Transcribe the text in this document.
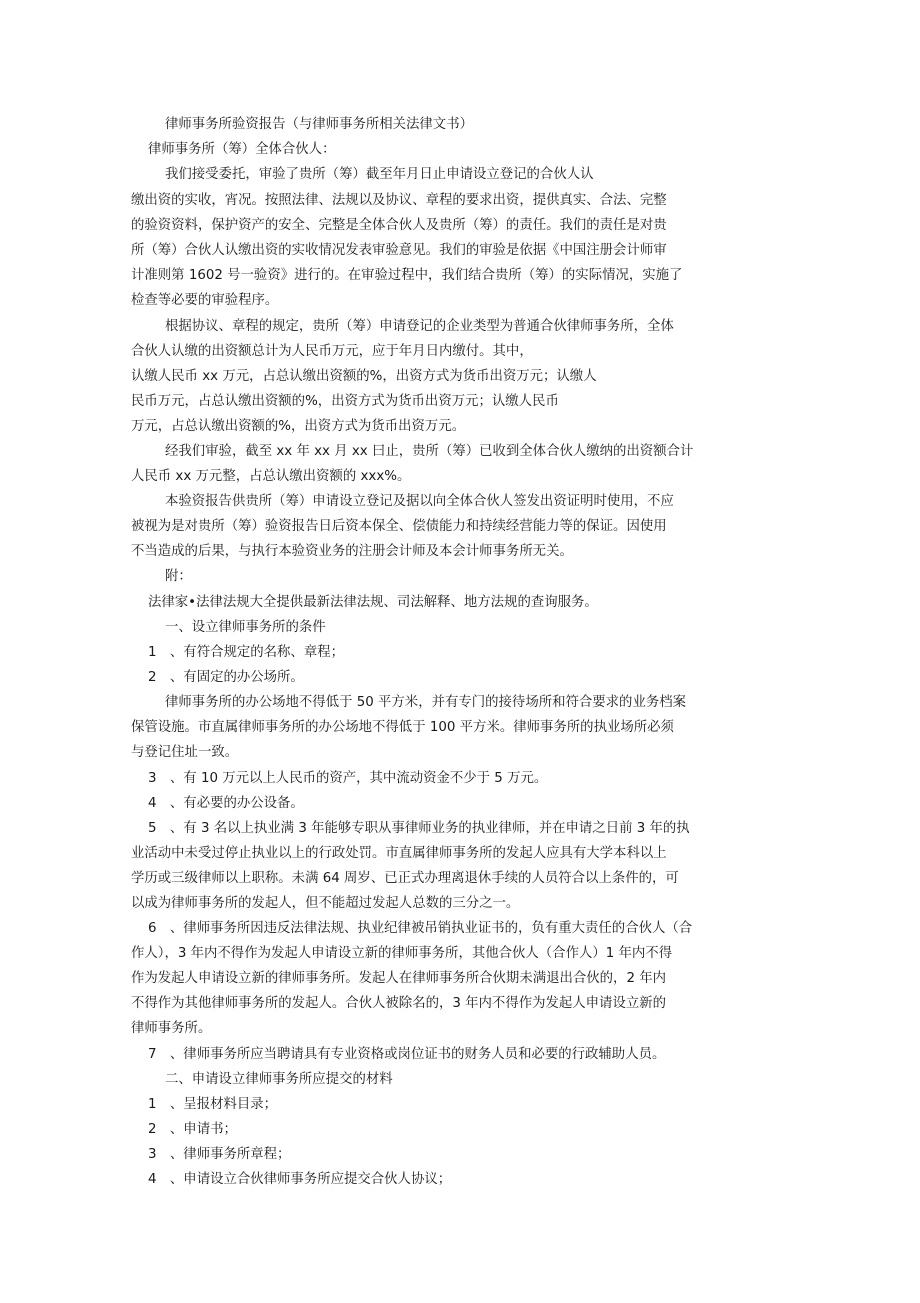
律师事务所验资报告（与律师事务所相关法律文书）
律师事务所（筹）全体合伙人：
我们接受委托，审验了贵所（筹）截至年月日止申请设立登记的合伙人认
缴出资的实收，宵况。按照法律、法规以及协议、章程的要求出资，提供真实、合法、完整
的验资资料，保护资产的安全、完整是全体合伙人及贵所（筹）的责任。我们的责任是对贵
所（筹）合伙人认缴出资的实收情况发表审验意见。我们的审验是依据《中国注册会计师审
计准则第 1602 号一验资》进行的。在审验过程中，我们结合贵所（筹）的实际情况，实施了
检查等必要的审验程序。
根据协议、章程的规定，贵所（筹）申请登记的企业类型为普通合伙律师事务所，全体
合伙人认缴的出资额总计为人民币万元，应于年月日内缴付。其中，
认缴人民币 xx 万元，占总认缴出资额的%，出资方式为货币出资万元；认缴人
民币万元，占总认缴出资额的%，出资方式为货币出资万元；认缴人民币
万元，占总认缴出资额的%，出资方式为货币出资万元。
经我们审验，截至 xx 年 xx 月 xx 曰止，贵所（筹）已收到全体合伙人缴纳的出资额合计
人民币 xx 万元整，占总认缴出资额的 xxx%。
本验资报告供贵所（筹）申请设立登记及据以向全体合伙人签发出资证明时使用，不应
被视为是对贵所（筹）验资报告日后资本保全、偿债能力和持续经营能力等的保证。因使用
不当造成的后果，与执行本验资业务的注册会计师及本会计师事务所无关。
附：
法律家•法律法规大全提供最新法律法规、司法解释、地方法规的查询服务。
一、设立律师事务所的条件
1　、有符合规定的名称、章程；
2　、有固定的办公场所。
律师事务所的办公场地不得低于 50 平方米，并有专门的接待场所和符合要求的业务档案
保管设施。市直属律师事务所的办公场地不得低于 100 平方米。律师事务所的执业场所必须
与登记住址一致。
3　、有 10 万元以上人民币的资产，其中流动资金不少于 5 万元。
4　、有必要的办公设备。
5　、有 3 名以上执业满 3 年能够专职从事律师业务的执业律师，并在申请之日前 3 年的执
业活动中未受过停止执业以上的行政处罚。市直属律师事务所的发起人应具有大学本科以上
学历或三级律师以上职称。未满 64 周岁、已正式办理离退休手续的人员符合以上条件的，可
以成为律师事务所的发起人，但不能超过发起人总数的三分之一。
6　、律师事务所因违反法律法规、执业纪律被吊销执业证书的，负有重大责任的合伙人（合
作人），3 年内不得作为发起人申请设立新的律师事务所，其他合伙人（合作人）1 年内不得
作为发起人申请设立新的律师事务所。发起人在律师事务所合伙期未满退出合伙的，2 年内
不得作为其他律师事务所的发起人。合伙人被除名的，3 年内不得作为发起人申请设立新的
律师事务所。
7　、律师事务所应当聘请具有专业资格或岗位证书的财务人员和必要的行政辅助人员。
二、申请设立律师事务所应提交的材料
1　、呈报材料目录；
2　、申请书；
3　、律师事务所章程；
4　、申请设立合伙律师事务所应提交合伙人协议；
